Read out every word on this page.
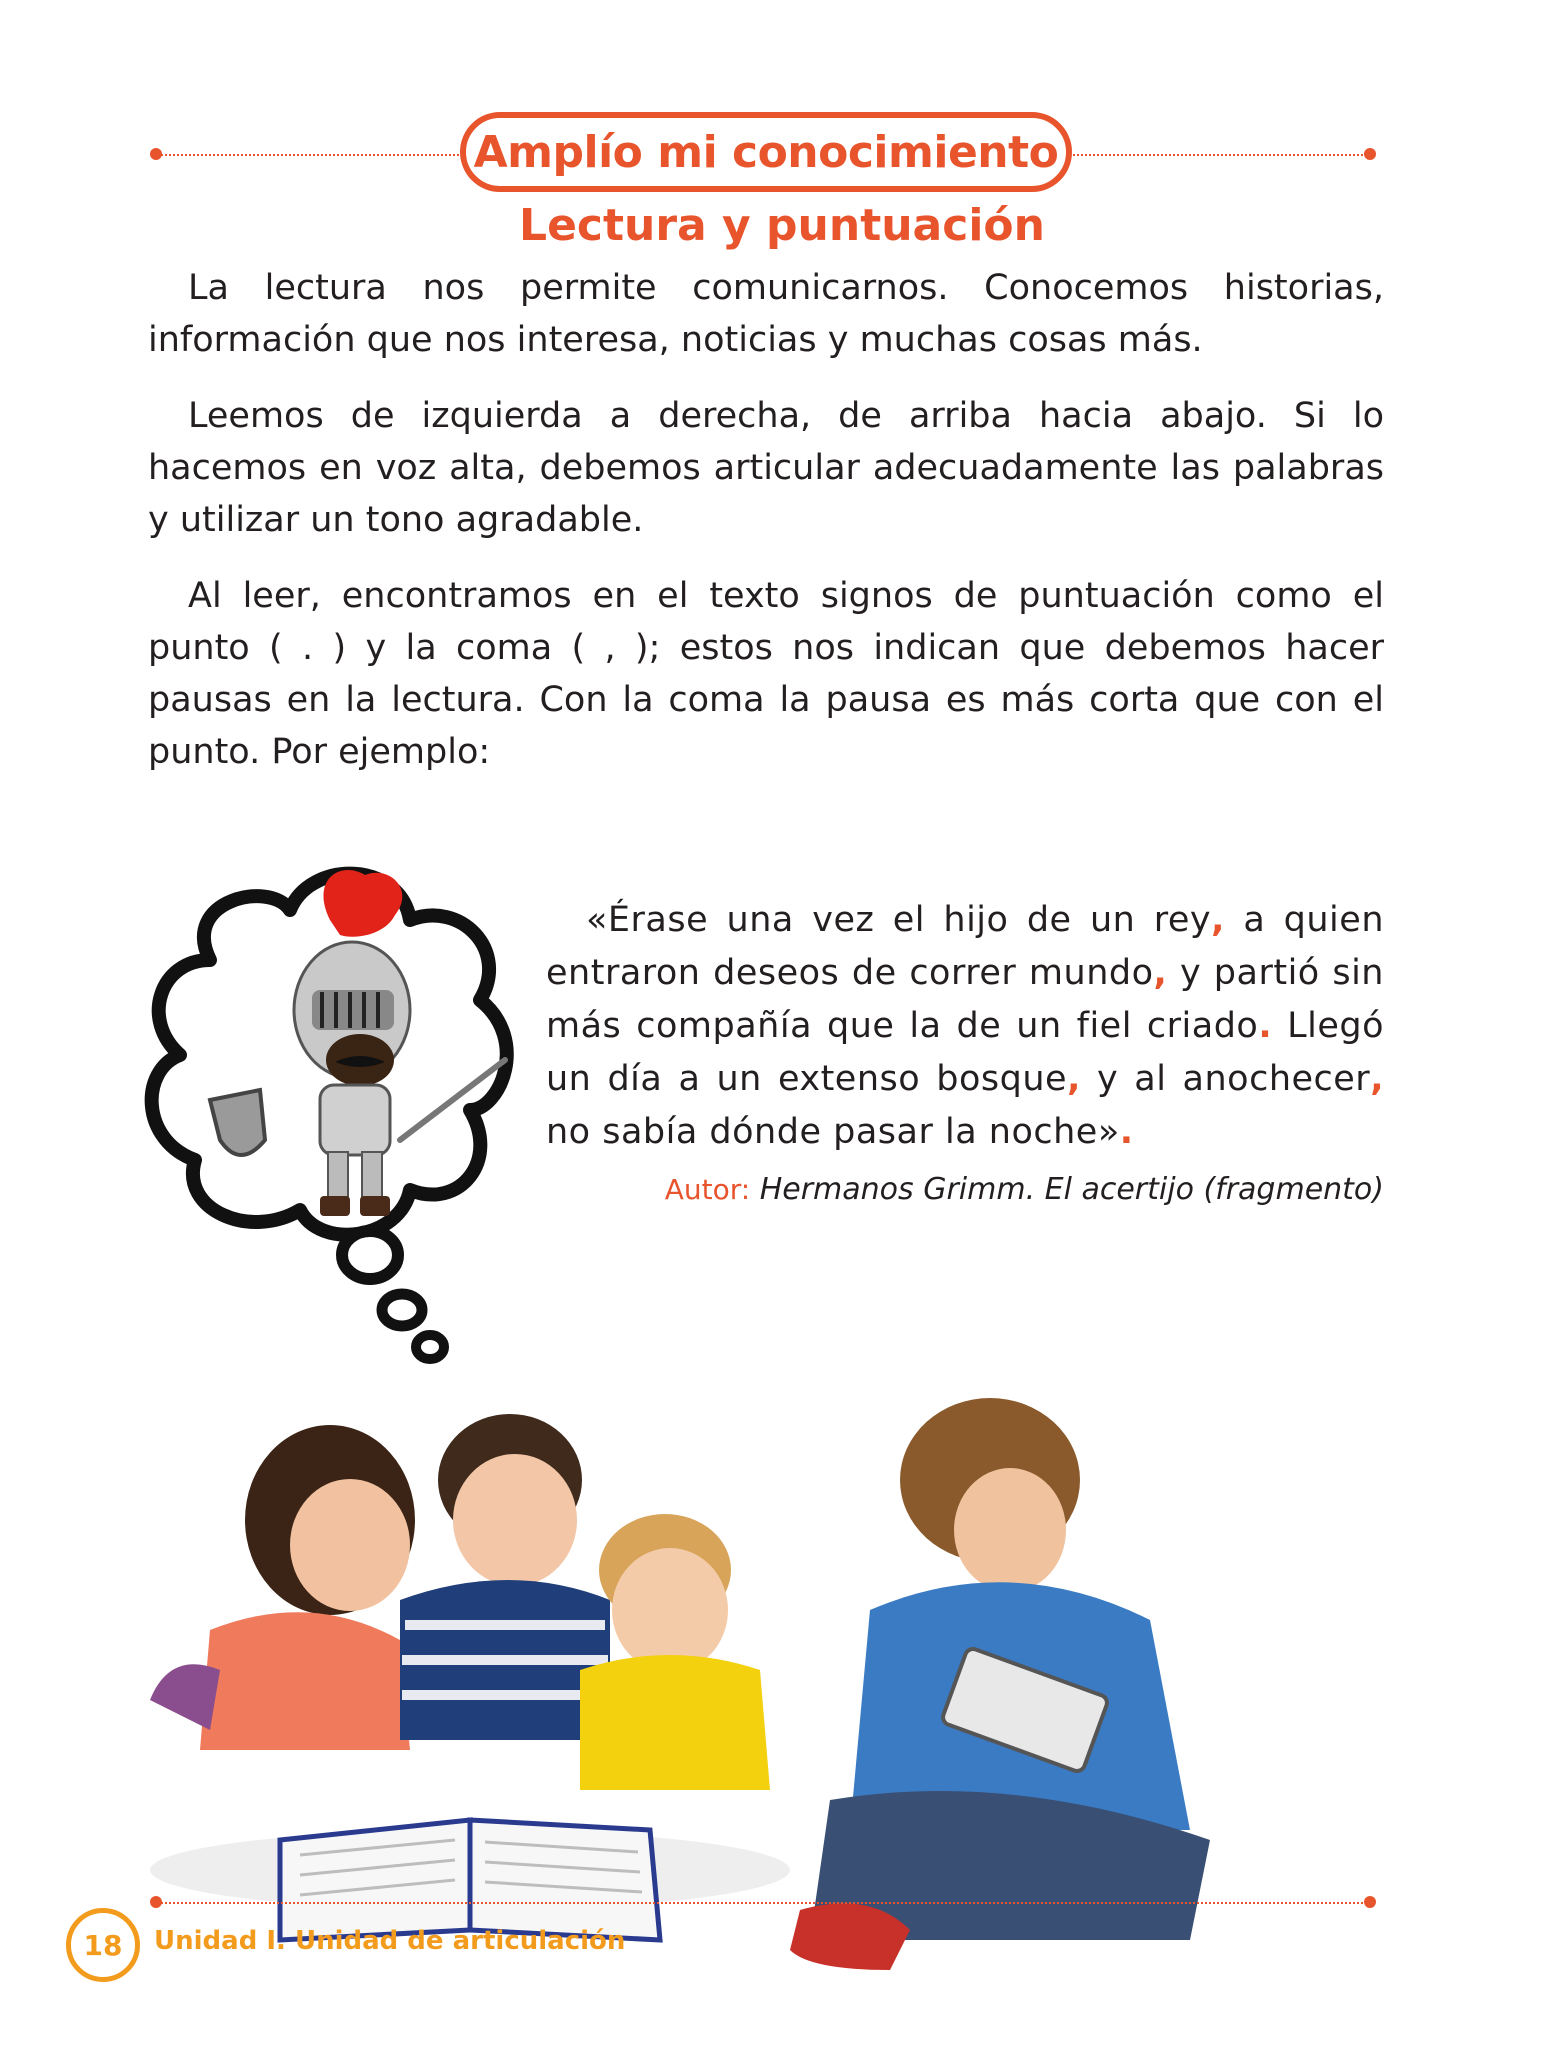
Amplío mi conocimiento
Lectura y puntuación

La lectura nos permite comunicarnos. Conocemos historias, información que nos interesa, noticias y muchas cosas más.

Leemos de izquierda a derecha, de arriba hacia abajo. Si lo hacemos en voz alta, debemos articular adecuadamente las palabras y utilizar un tono agradable.

Al leer, encontramos en el texto signos de puntuación como el punto ( . ) y la coma ( , ); estos nos indican que debemos hacer pausas en la lectura. Con la coma la pausa es más corta que con el punto. Por ejemplo:

«Érase una vez el hijo de un rey, a quien entraron deseos de correr mundo, y partió sin más compañía que la de un fiel criado. Llegó un día a un extenso bosque, y al anochecer, no sabía dónde pasar la noche».

Autor: Hermanos Grimm. El acertijo (fragmento)

18 Unidad I. Unidad de articulación
